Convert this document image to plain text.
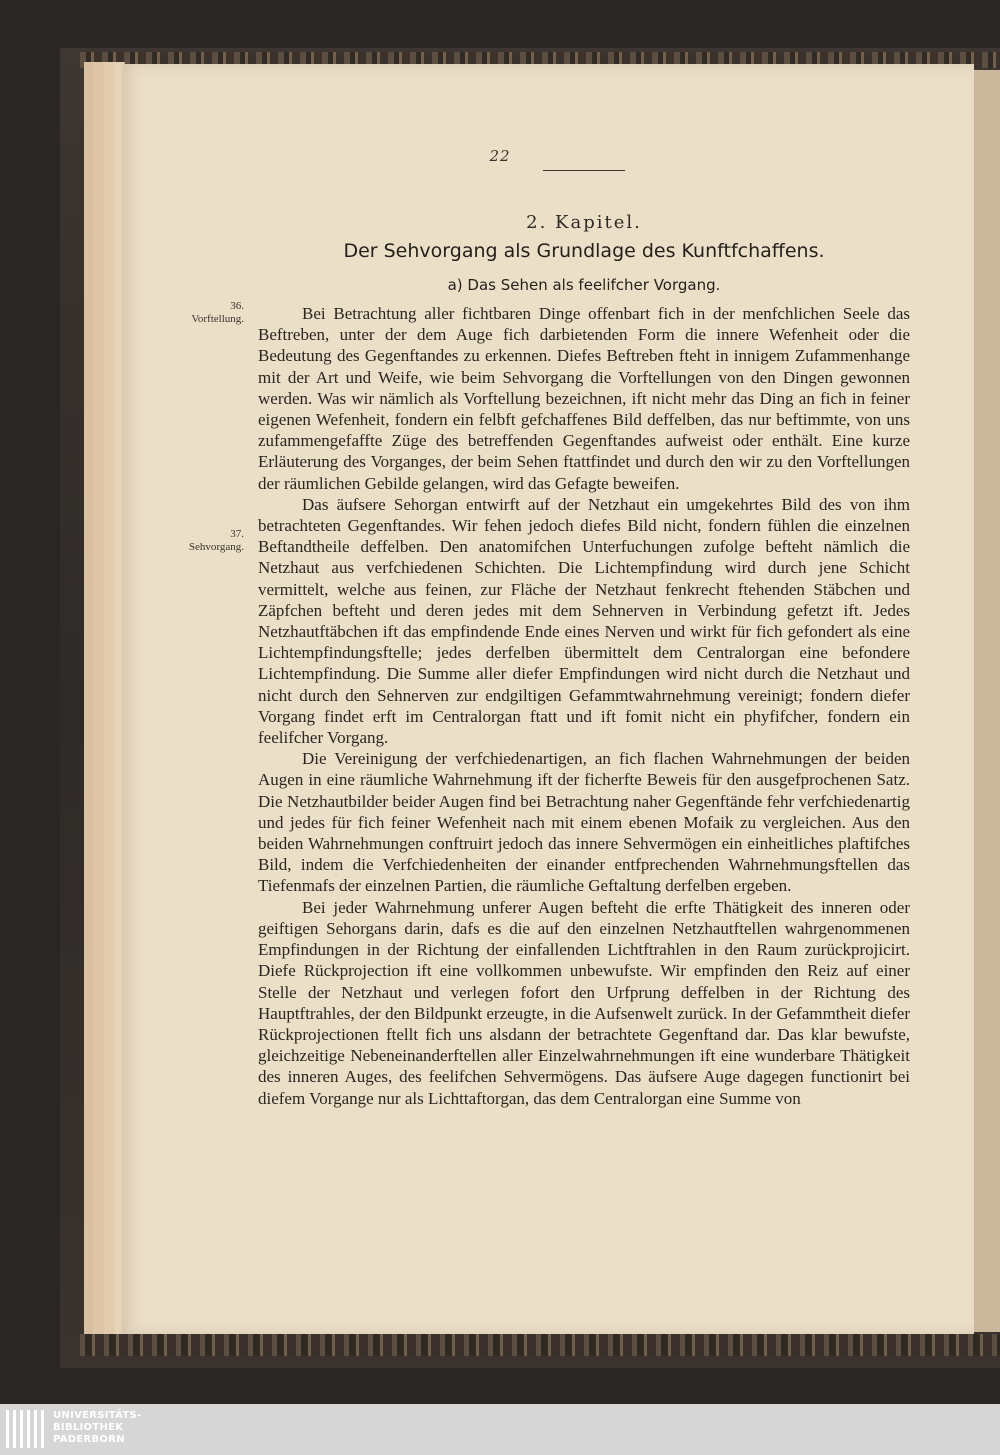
22
2. Kapitel.
Der Sehvorgang als Grundlage des Kunftfchaffens.
a) Das Sehen als feelifcher Vorgang.
36.
Vorftellung.
37.
Sehvorgang.

Bei Betrachtung aller fichtbaren Dinge offenbart fich in der menfchlichen Seele das Beftreben, unter der dem Auge fich darbietenden Form die innere Wefenheit oder die Bedeutung des Gegenftandes zu erkennen. Diefes Beftreben fteht in innigem Zufammenhange mit der Art und Weife, wie beim Sehvorgang die Vorftellungen von den Dingen gewonnen werden. Was wir nämlich als Vorftellung bezeichnen, ift nicht mehr das Ding an fich in feiner eigenen Wefenheit, fondern ein felbft gefchaffenes Bild deffelben, das nur beftimmte, von uns zufammengefaffte Züge des betreffenden Gegenftandes aufweist oder enthält. Eine kurze Erläuterung des Vorganges, der beim Sehen ftattfindet und durch den wir zu den Vorftellungen der räumlichen Gebilde gelangen, wird das Gefagte beweifen.

Das äufsere Sehorgan entwirft auf der Netzhaut ein umgekehrtes Bild des von ihm betrachteten Gegenftandes. Wir fehen jedoch diefes Bild nicht, fondern fühlen die einzelnen Beftandtheile deffelben. Den anatomifchen Unterfuchungen zufolge befteht nämlich die Netzhaut aus verfchiedenen Schichten. Die Lichtempfindung wird durch jene Schicht vermittelt, welche aus feinen, zur Fläche der Netzhaut fenkrecht ftehenden Stäbchen und Zäpfchen befteht und deren jedes mit dem Sehnerven in Verbindung gefetzt ift. Jedes Netzhautftäbchen ift das empfindende Ende eines Nerven und wirkt für fich gefondert als eine Lichtempfindungsftelle; jedes derfelben übermittelt dem Centralorgan eine befondere Lichtempfindung. Die Summe aller diefer Empfindungen wird nicht durch die Netzhaut und nicht durch den Sehnerven zur endgiltigen Gefammtwahrnehmung vereinigt; fondern diefer Vorgang findet erft im Centralorgan ftatt und ift fomit nicht ein phyfifcher, fondern ein feelifcher Vorgang.

Die Vereinigung der verfchiedenartigen, an fich flachen Wahrnehmungen der beiden Augen in eine räumliche Wahrnehmung ift der ficherfte Beweis für den ausgefprochenen Satz. Die Netzhautbilder beider Augen find bei Betrachtung naher Gegenftände fehr verfchiedenartig und jedes für fich feiner Wefenheit nach mit einem ebenen Mofaik zu vergleichen. Aus den beiden Wahrnehmungen conftruirt jedoch das innere Sehvermögen ein einheitliches plaftifches Bild, indem die Verfchiedenheiten der einander entfprechenden Wahrnehmungsftellen das Tiefenmafs der einzelnen Partien, die räumliche Geftaltung derfelben ergeben.

Bei jeder Wahrnehmung unferer Augen befteht die erfte Thätigkeit des inneren oder geiftigen Sehorgans darin, dafs es die auf den einzelnen Netzhautftellen wahrgenommenen Empfindungen in der Richtung der einfallenden Lichtftrahlen in den Raum zurückprojicirt. Diefe Rückprojection ift eine vollkommen unbewufste. Wir empfinden den Reiz auf einer Stelle der Netzhaut und verlegen fofort den Urfprung deffelben in der Richtung des Hauptftrahles, der den Bildpunkt erzeugte, in die Aufsenwelt zurück. In der Gefammtheit diefer Rückprojectionen ftellt fich uns alsdann der betrachtete Gegenftand dar. Das klar bewufste, gleichzeitige Nebeneinanderftellen aller Einzelwahrnehmungen ift eine wunderbare Thätigkeit des inneren Auges, des feelifchen Sehvermögens. Das äufsere Auge dagegen functionirt bei diefem Vorgange nur als Lichttaftorgan, das dem Centralorgan eine Summe von

UNIVERSITÄTS-
BIBLIOTHEK
PADERBORN
